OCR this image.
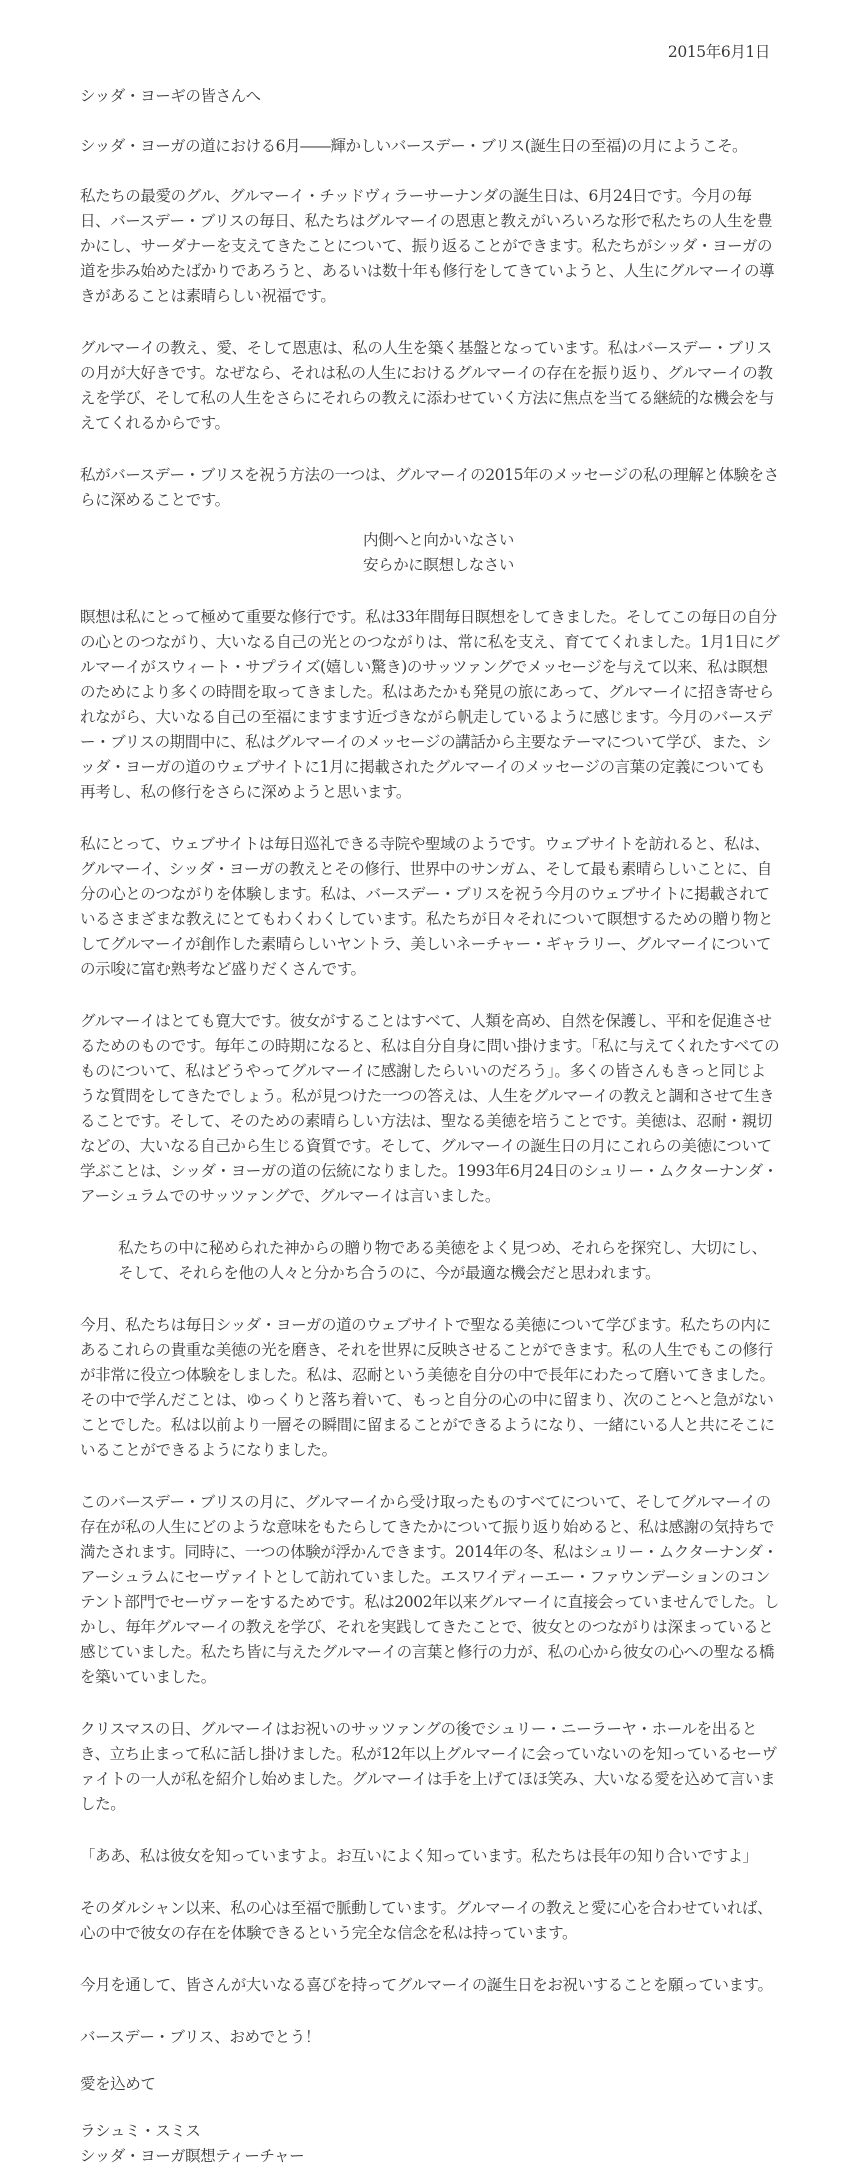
2015年6月1日

シッダ・ヨーギの皆さんへ

シッダ・ヨーガの道における6月――輝かしいバースデー・ブリス(誕生日の至福)の月にようこそ。

私たちの最愛のグル、グルマーイ・チッドヴィラーサーナンダの誕生日は、6月24日です。今月の毎日、バースデー・ブリスの毎日、私たちはグルマーイの恩恵と教えがいろいろな形で私たちの人生を豊かにし、サーダナーを支えてきたことについて、振り返ることができます。私たちがシッダ・ヨーガの道を歩み始めたばかりであろうと、あるいは数十年も修行をしてきていようと、人生にグルマーイの導きがあることは素晴らしい祝福です。

グルマーイの教え、愛、そして恩恵は、私の人生を築く基盤となっています。私はバースデー・ブリスの月が大好きです。なぜなら、それは私の人生におけるグルマーイの存在を振り返り、グルマーイの教えを学び、そして私の人生をさらにそれらの教えに添わせていく方法に焦点を当てる継続的な機会を与えてくれるからです。

私がバースデー・ブリスを祝う方法の一つは、グルマーイの2015年のメッセージの私の理解と体験をさらに深めることです。

内側へと向かいなさい
安らかに瞑想しなさい

瞑想は私にとって極めて重要な修行です。私は33年間毎日瞑想をしてきました。そしてこの毎日の自分の心とのつながり、大いなる自己の光とのつながりは、常に私を支え、育ててくれました。1月1日にグルマーイがスウィート・サプライズ(嬉しい驚き)のサッツァングでメッセージを与えて以来、私は瞑想のためにより多くの時間を取ってきました。私はあたかも発見の旅にあって、グルマーイに招き寄せられながら、大いなる自己の至福にますます近づきながら帆走しているように感じます。今月のバースデー・ブリスの期間中に、私はグルマーイのメッセージの講話から主要なテーマについて学び、また、シッダ・ヨーガの道のウェブサイトに1月に掲載されたグルマーイのメッセージの言葉の定義についても再考し、私の修行をさらに深めようと思います。

私にとって、ウェブサイトは毎日巡礼できる寺院や聖域のようです。ウェブサイトを訪れると、私は、グルマーイ、シッダ・ヨーガの教えとその修行、世界中のサンガム、そして最も素晴らしいことに、自分の心とのつながりを体験します。私は、バースデー・ブリスを祝う今月のウェブサイトに掲載されているさまざまな教えにとてもわくわくしています。私たちが日々それについて瞑想するための贈り物としてグルマーイが創作した素晴らしいヤントラ、美しいネーチャー・ギャラリー、グルマーイについての示唆に富む熟考など盛りだくさんです。

グルマーイはとても寛大です。彼女がすることはすべて、人類を高め、自然を保護し、平和を促進させるためのものです。毎年この時期になると、私は自分自身に問い掛けます。「私に与えてくれたすべてのものについて、私はどうやってグルマーイに感謝したらいいのだろう」。多くの皆さんもきっと同じような質問をしてきたでしょう。私が見つけた一つの答えは、人生をグルマーイの教えと調和させて生きることです。そして、そのための素晴らしい方法は、聖なる美徳を培うことです。美徳は、忍耐・親切などの、大いなる自己から生じる資質です。そして、グルマーイの誕生日の月にこれらの美徳について学ぶことは、シッダ・ヨーガの道の伝統になりました。1993年6月24日のシュリー・ムクターナンダ・アーシュラムでのサッツァングで、グルマーイは言いました。

私たちの中に秘められた神からの贈り物である美徳をよく見つめ、それらを探究し、大切にし、そして、それらを他の人々と分かち合うのに、今が最適な機会だと思われます。

今月、私たちは毎日シッダ・ヨーガの道のウェブサイトで聖なる美徳について学びます。私たちの内にあるこれらの貴重な美徳の光を磨き、それを世界に反映させることができます。私の人生でもこの修行が非常に役立つ体験をしました。私は、忍耐という美徳を自分の中で長年にわたって磨いてきました。その中で学んだことは、ゆっくりと落ち着いて、もっと自分の心の中に留まり、次のことへと急がないことでした。私は以前より一層その瞬間に留まることができるようになり、一緒にいる人と共にそこにいることができるようになりました。

このバースデー・ブリスの月に、グルマーイから受け取ったものすべてについて、そしてグルマーイの存在が私の人生にどのような意味をもたらしてきたかについて振り返り始めると、私は感謝の気持ちで満たされます。同時に、一つの体験が浮かんできます。2014年の冬、私はシュリー・ムクターナンダ・アーシュラムにセーヴァイトとして訪れていました。エスワイディーエー・ファウンデーションのコンテント部門でセーヴァーをするためです。私は2002年以来グルマーイに直接会っていませんでした。しかし、毎年グルマーイの教えを学び、それを実践してきたことで、彼女とのつながりは深まっていると感じていました。私たち皆に与えたグルマーイの言葉と修行の力が、私の心から彼女の心への聖なる橋を築いていました。

クリスマスの日、グルマーイはお祝いのサッツァングの後でシュリー・ニーラーヤ・ホールを出るとき、立ち止まって私に話し掛けました。私が12年以上グルマーイに会っていないのを知っているセーヴァイトの一人が私を紹介し始めました。グルマーイは手を上げてほほ笑み、大いなる愛を込めて言いました。

「ああ、私は彼女を知っていますよ。お互いによく知っています。私たちは長年の知り合いですよ」

そのダルシャン以来、私の心は至福で脈動しています。グルマーイの教えと愛に心を合わせていれば、心の中で彼女の存在を体験できるという完全な信念を私は持っています。

今月を通して、皆さんが大いなる喜びを持ってグルマーイの誕生日をお祝いすることを願っています。

バースデー・ブリス、おめでとう！

愛を込めて

ラシュミ・スミス
シッダ・ヨーガ瞑想ティーチャー
